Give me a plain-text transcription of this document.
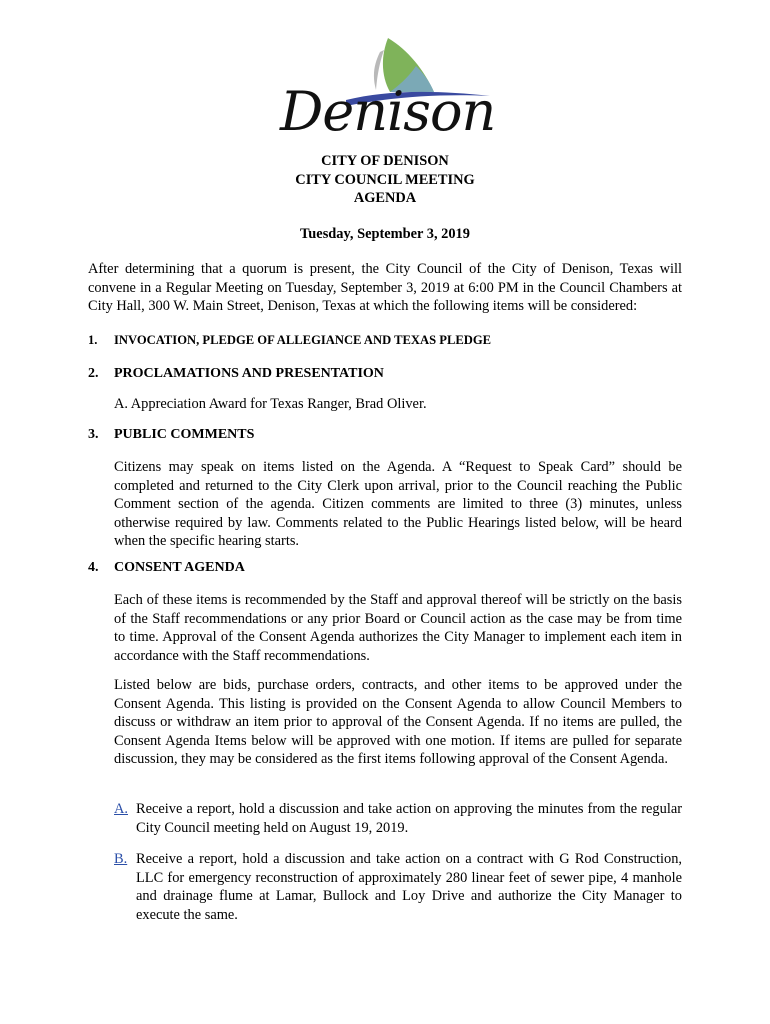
Denison
CITY OF DENISON
CITY COUNCIL MEETING
AGENDA
Tuesday, September 3, 2019

After determining that a quorum is present, the City Council of the City of Denison, Texas will convene in a Regular Meeting on Tuesday, September 3, 2019 at 6:00 PM in the Council Chambers at City Hall, 300 W. Main Street, Denison, Texas at which the following items will be considered:

1. INVOCATION, PLEDGE OF ALLEGIANCE AND TEXAS PLEDGE
2. PROCLAMATIONS AND PRESENTATION
A. Appreciation Award for Texas Ranger, Brad Oliver.
3. PUBLIC COMMENTS

Citizens may speak on items listed on the Agenda. A “Request to Speak Card” should be completed and returned to the City Clerk upon arrival, prior to the Council reaching the Public Comment section of the agenda. Citizen comments are limited to three (3) minutes, unless otherwise required by law. Comments related to the Public Hearings listed below, will be heard when the specific hearing starts.

4. CONSENT AGENDA

Each of these items is recommended by the Staff and approval thereof will be strictly on the basis of the Staff recommendations or any prior Board or Council action as the case may be from time to time. Approval of the Consent Agenda authorizes the City Manager to implement each item in accordance with the Staff recommendations.

Listed below are bids, purchase orders, contracts, and other items to be approved under the Consent Agenda. This listing is provided on the Consent Agenda to allow Council Members to discuss or withdraw an item prior to approval of the Consent Agenda. If no items are pulled, the Consent Agenda Items below will be approved with one motion. If items are pulled for separate discussion, they may be considered as the first items following approval of the Consent Agenda.

A. Receive a report, hold a discussion and take action on approving the minutes from the regular City Council meeting held on August 19, 2019.
B. Receive a report, hold a discussion and take action on a contract with G Rod Construction, LLC for emergency reconstruction of approximately 280 linear feet of sewer pipe, 4 manhole and drainage flume at Lamar, Bullock and Loy Drive and authorize the City Manager to execute the same.
